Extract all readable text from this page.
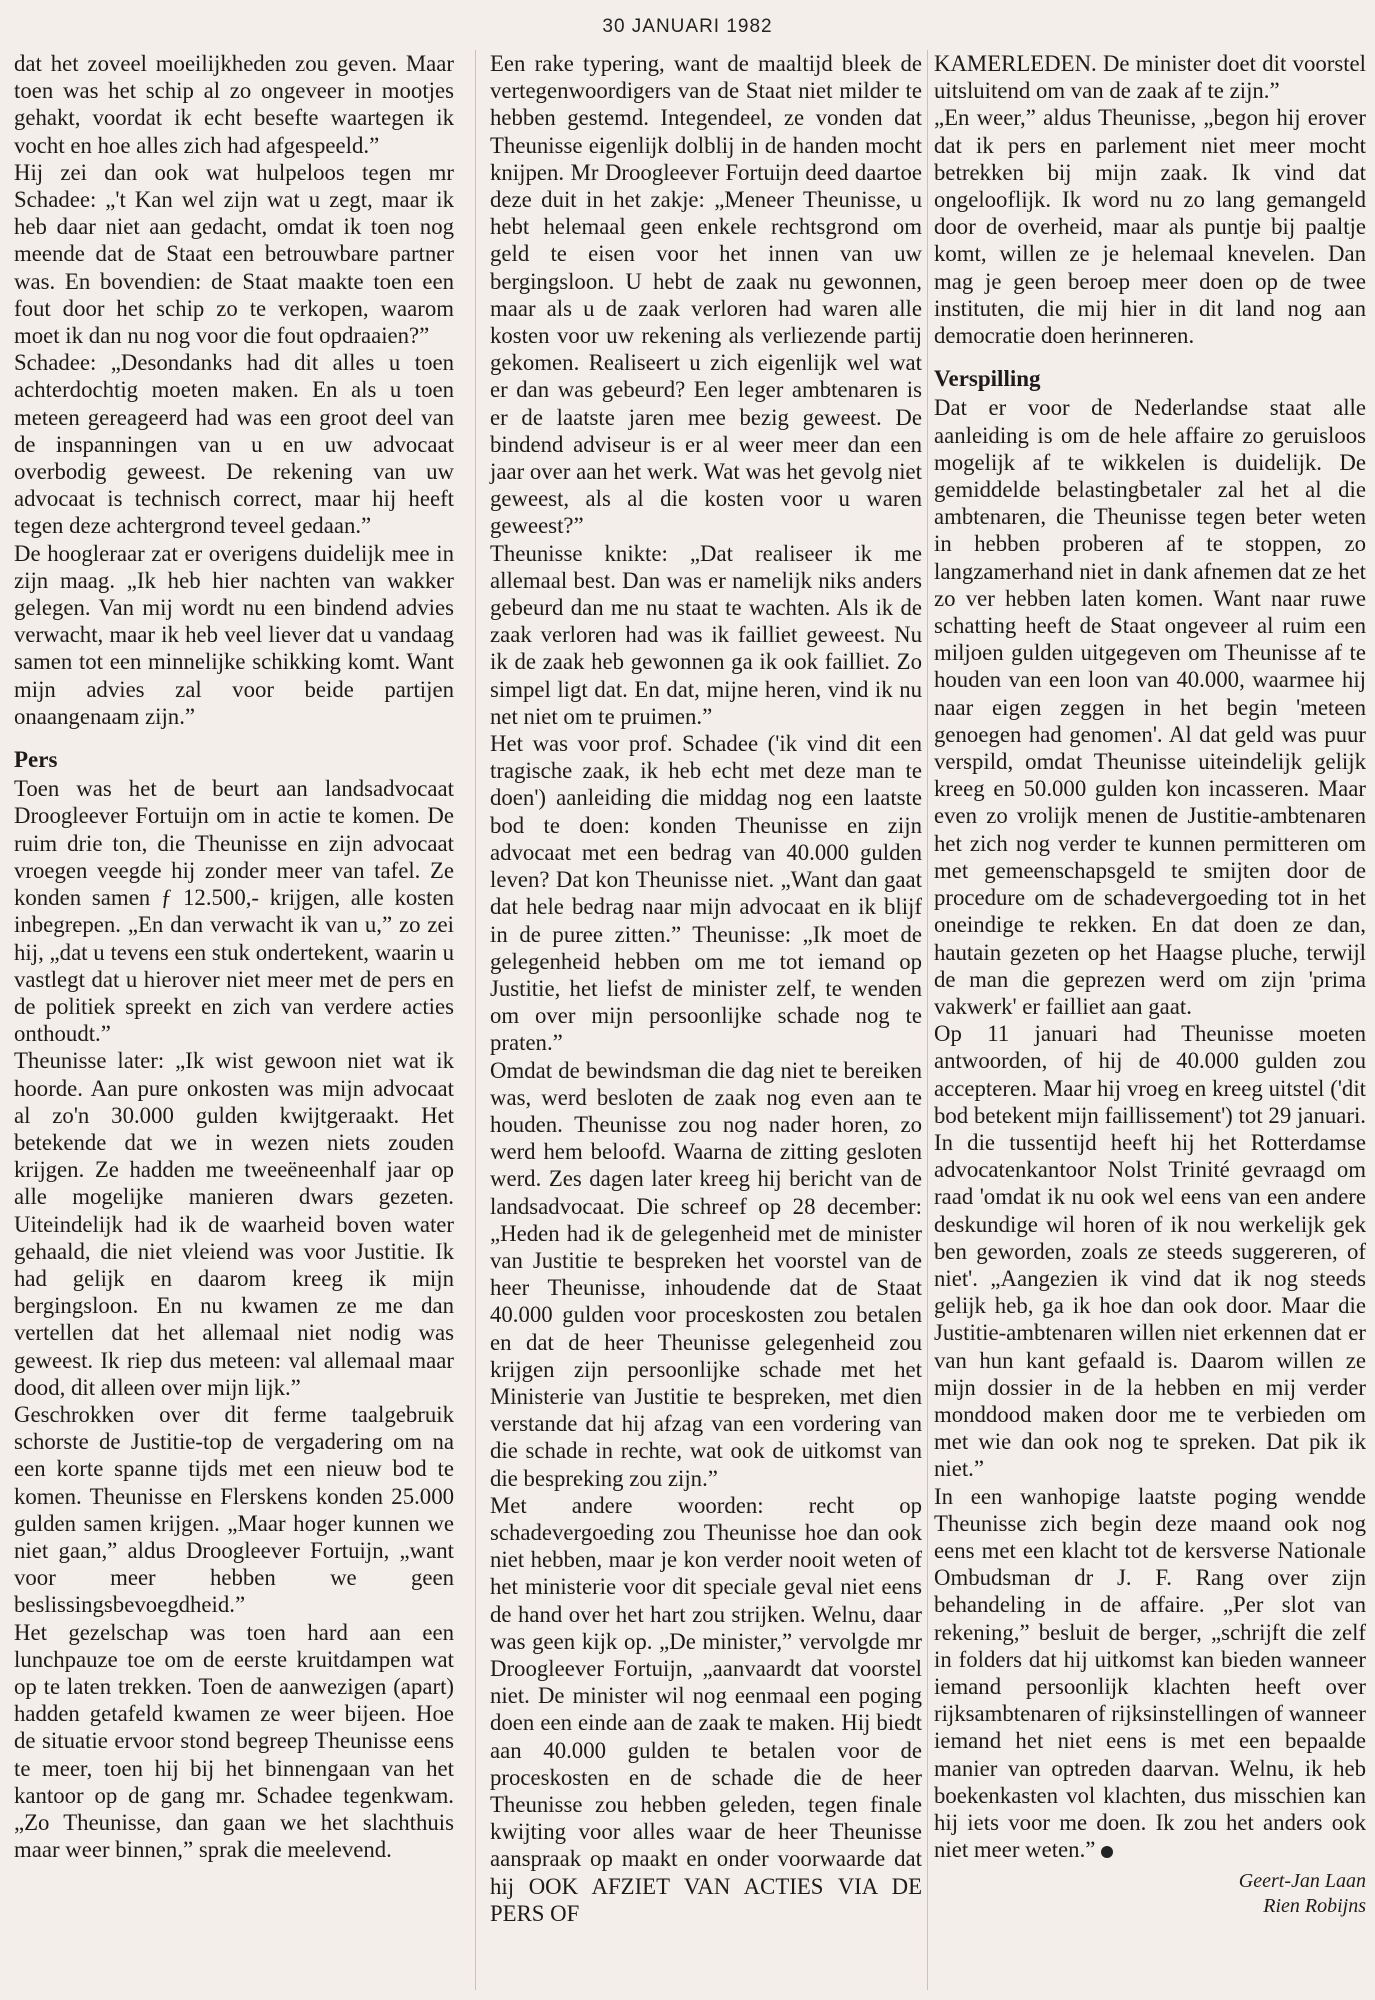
30 JANUARI 1982

dat het zoveel moeilijkheden zou geven. Maar toen was het schip al zo ongeveer in mootjes gehakt, voordat ik echt besefte waartegen ik vocht en hoe alles zich had afgespeeld.”

Hij zei dan ook wat hulpeloos tegen mr Schadee: „'t Kan wel zijn wat u zegt, maar ik heb daar niet aan gedacht, omdat ik toen nog meende dat de Staat een betrouwbare partner was. En bovendien: de Staat maakte toen een fout door het schip zo te verkopen, waarom moet ik dan nu nog voor die fout opdraaien?”

Schadee: „Desondanks had dit alles u toen achterdochtig moeten maken. En als u toen meteen gereageerd had was een groot deel van de inspanningen van u en uw advocaat overbodig geweest. De rekening van uw advocaat is technisch correct, maar hij heeft tegen deze achtergrond teveel gedaan.”

De hoogleraar zat er overigens duidelijk mee in zijn maag. „Ik heb hier nachten van wakker gelegen. Van mij wordt nu een bindend advies verwacht, maar ik heb veel liever dat u vandaag samen tot een minnelijke schikking komt. Want mijn advies zal voor beide partijen onaangenaam zijn.”

Pers

Toen was het de beurt aan landsadvocaat Droogleever Fortuijn om in actie te komen. De ruim drie ton, die Theunisse en zijn advocaat vroegen veegde hij zonder meer van tafel. Ze konden samen ƒ 12.500,- krijgen, alle kosten inbegrepen. „En dan verwacht ik van u,” zo zei hij, „dat u tevens een stuk ondertekent, waarin u vastlegt dat u hierover niet meer met de pers en de politiek spreekt en zich van verdere acties onthoudt.”

Theunisse later: „Ik wist gewoon niet wat ik hoorde. Aan pure onkosten was mijn advocaat al zo'n 30.000 gulden kwijtgeraakt. Het betekende dat we in wezen niets zouden krijgen. Ze hadden me tweeëneenhalf jaar op alle mogelijke manieren dwars gezeten. Uiteindelijk had ik de waarheid boven water gehaald, die niet vleiend was voor Justitie. Ik had gelijk en daarom kreeg ik mijn bergingsloon. En nu kwamen ze me dan vertellen dat het allemaal niet nodig was geweest. Ik riep dus meteen: val allemaal maar dood, dit alleen over mijn lijk.”

Geschrokken over dit ferme taalgebruik schorste de Justitie-top de vergadering om na een korte spanne tijds met een nieuw bod te komen. Theunisse en Flerskens konden 25.000 gulden samen krijgen. „Maar hoger kunnen we niet gaan,” aldus Droogleever Fortuijn, „want voor meer hebben we geen beslissingsbevoegdheid.”

Het gezelschap was toen hard aan een lunchpauze toe om de eerste kruitdampen wat op te laten trekken. Toen de aanwezigen (apart) hadden getafeld kwamen ze weer bijeen. Hoe de situatie ervoor stond begreep Theunisse eens te meer, toen hij bij het binnengaan van het kantoor op de gang mr. Schadee tegenkwam. „Zo Theunisse, dan gaan we het slachthuis maar weer binnen,” sprak die meelevend.

Een rake typering, want de maaltijd bleek de vertegenwoordigers van de Staat niet milder te hebben gestemd. Integendeel, ze vonden dat Theunisse eigenlijk dolblij in de handen mocht knijpen. Mr Droogleever Fortuijn deed daartoe deze duit in het zakje: „Meneer Theunisse, u hebt helemaal geen enkele rechtsgrond om geld te eisen voor het innen van uw bergingsloon. U hebt de zaak nu gewonnen, maar als u de zaak verloren had waren alle kosten voor uw rekening als verliezende partij gekomen. Realiseert u zich eigenlijk wel wat er dan was gebeurd? Een leger ambtenaren is er de laatste jaren mee bezig geweest. De bindend adviseur is er al weer meer dan een jaar over aan het werk. Wat was het gevolg niet geweest, als al die kosten voor u waren geweest?”

Theunisse knikte: „Dat realiseer ik me allemaal best. Dan was er namelijk niks anders gebeurd dan me nu staat te wachten. Als ik de zaak verloren had was ik failliet geweest. Nu ik de zaak heb gewonnen ga ik ook failliet. Zo simpel ligt dat. En dat, mijne heren, vind ik nu net niet om te pruimen.”

Het was voor prof. Schadee ('ik vind dit een tragische zaak, ik heb echt met deze man te doen') aanleiding die middag nog een laatste bod te doen: konden Theunisse en zijn advocaat met een bedrag van 40.000 gulden leven? Dat kon Theunisse niet. „Want dan gaat dat hele bedrag naar mijn advocaat en ik blijf in de puree zitten.” Theunisse: „Ik moet de gelegenheid hebben om me tot iemand op Justitie, het liefst de minister zelf, te wenden om over mijn persoonlijke schade nog te praten.”

Omdat de bewindsman die dag niet te bereiken was, werd besloten de zaak nog even aan te houden. Theunisse zou nog nader horen, zo werd hem beloofd. Waarna de zitting gesloten werd. Zes dagen later kreeg hij bericht van de landsadvocaat. Die schreef op 28 december: „Heden had ik de gelegenheid met de minister van Justitie te bespreken het voorstel van de heer Theunisse, inhoudende dat de Staat 40.000 gulden voor proceskosten zou betalen en dat de heer Theunisse gelegenheid zou krijgen zijn persoonlijke schade met het Ministerie van Justitie te bespreken, met dien verstande dat hij afzag van een vordering van die schade in rechte, wat ook de uitkomst van die bespreking zou zijn.”

Met andere woorden: recht op schadevergoeding zou Theunisse hoe dan ook niet hebben, maar je kon verder nooit weten of het ministerie voor dit speciale geval niet eens de hand over het hart zou strijken. Welnu, daar was geen kijk op. „De minister,” vervolgde mr Droogleever Fortuijn, „aanvaardt dat voorstel niet. De minister wil nog eenmaal een poging doen een einde aan de zaak te maken. Hij biedt aan 40.000 gulden te betalen voor de proceskosten en de schade die de heer Theunisse zou hebben geleden, tegen finale kwijting voor alles waar de heer Theunisse aanspraak op maakt en onder voorwaarde dat hij OOK AFZIET VAN ACTIES VIA DE PERS OF

KAMERLEDEN. De minister doet dit voorstel uitsluitend om van de zaak af te zijn.”

„En weer,” aldus Theunisse, „begon hij erover dat ik pers en parlement niet meer mocht betrekken bij mijn zaak. Ik vind dat ongelooflijk. Ik word nu zo lang gemangeld door de overheid, maar als puntje bij paaltje komt, willen ze je helemaal knevelen. Dan mag je geen beroep meer doen op de twee instituten, die mij hier in dit land nog aan democratie doen herinneren.

Verspilling

Dat er voor de Nederlandse staat alle aanleiding is om de hele affaire zo geruisloos mogelijk af te wikkelen is duidelijk. De gemiddelde belastingbetaler zal het al die ambtenaren, die Theunisse tegen beter weten in hebben proberen af te stoppen, zo langzamerhand niet in dank afnemen dat ze het zo ver hebben laten komen. Want naar ruwe schatting heeft de Staat ongeveer al ruim een miljoen gulden uitgegeven om Theunisse af te houden van een loon van 40.000, waarmee hij naar eigen zeggen in het begin 'meteen genoegen had genomen'. Al dat geld was puur verspild, omdat Theunisse uiteindelijk gelijk kreeg en 50.000 gulden kon incasseren. Maar even zo vrolijk menen de Justitie-ambtenaren het zich nog verder te kunnen permitteren om met gemeenschapsgeld te smijten door de procedure om de schadevergoeding tot in het oneindige te rekken. En dat doen ze dan, hautain gezeten op het Haagse pluche, terwijl de man die geprezen werd om zijn 'prima vakwerk' er failliet aan gaat.

Op 11 januari had Theunisse moeten antwoorden, of hij de 40.000 gulden zou accepteren. Maar hij vroeg en kreeg uitstel ('dit bod betekent mijn faillissement') tot 29 januari. In die tussentijd heeft hij het Rotterdamse advocatenkantoor Nolst Trinité gevraagd om raad 'omdat ik nu ook wel eens van een andere deskundige wil horen of ik nou werkelijk gek ben geworden, zoals ze steeds suggereren, of niet'. „Aangezien ik vind dat ik nog steeds gelijk heb, ga ik hoe dan ook door. Maar die Justitie-ambtenaren willen niet erkennen dat er van hun kant gefaald is. Daarom willen ze mijn dossier in de la hebben en mij verder monddood maken door me te verbieden om met wie dan ook nog te spreken. Dat pik ik niet.”

In een wanhopige laatste poging wendde Theunisse zich begin deze maand ook nog eens met een klacht tot de kersverse Nationale Ombudsman dr J. F. Rang over zijn behandeling in de affaire. „Per slot van rekening,” besluit de berger, „schrijft die zelf in folders dat hij uitkomst kan bieden wanneer iemand persoonlijk klachten heeft over rijksambtenaren of rijksinstellingen of wanneer iemand het niet eens is met een bepaalde manier van optreden daarvan. Welnu, ik heb boekenkasten vol klachten, dus misschien kan hij iets voor me doen. Ik zou het anders ook niet meer weten.”

Geert-Jan Laan
Rien Robijns
